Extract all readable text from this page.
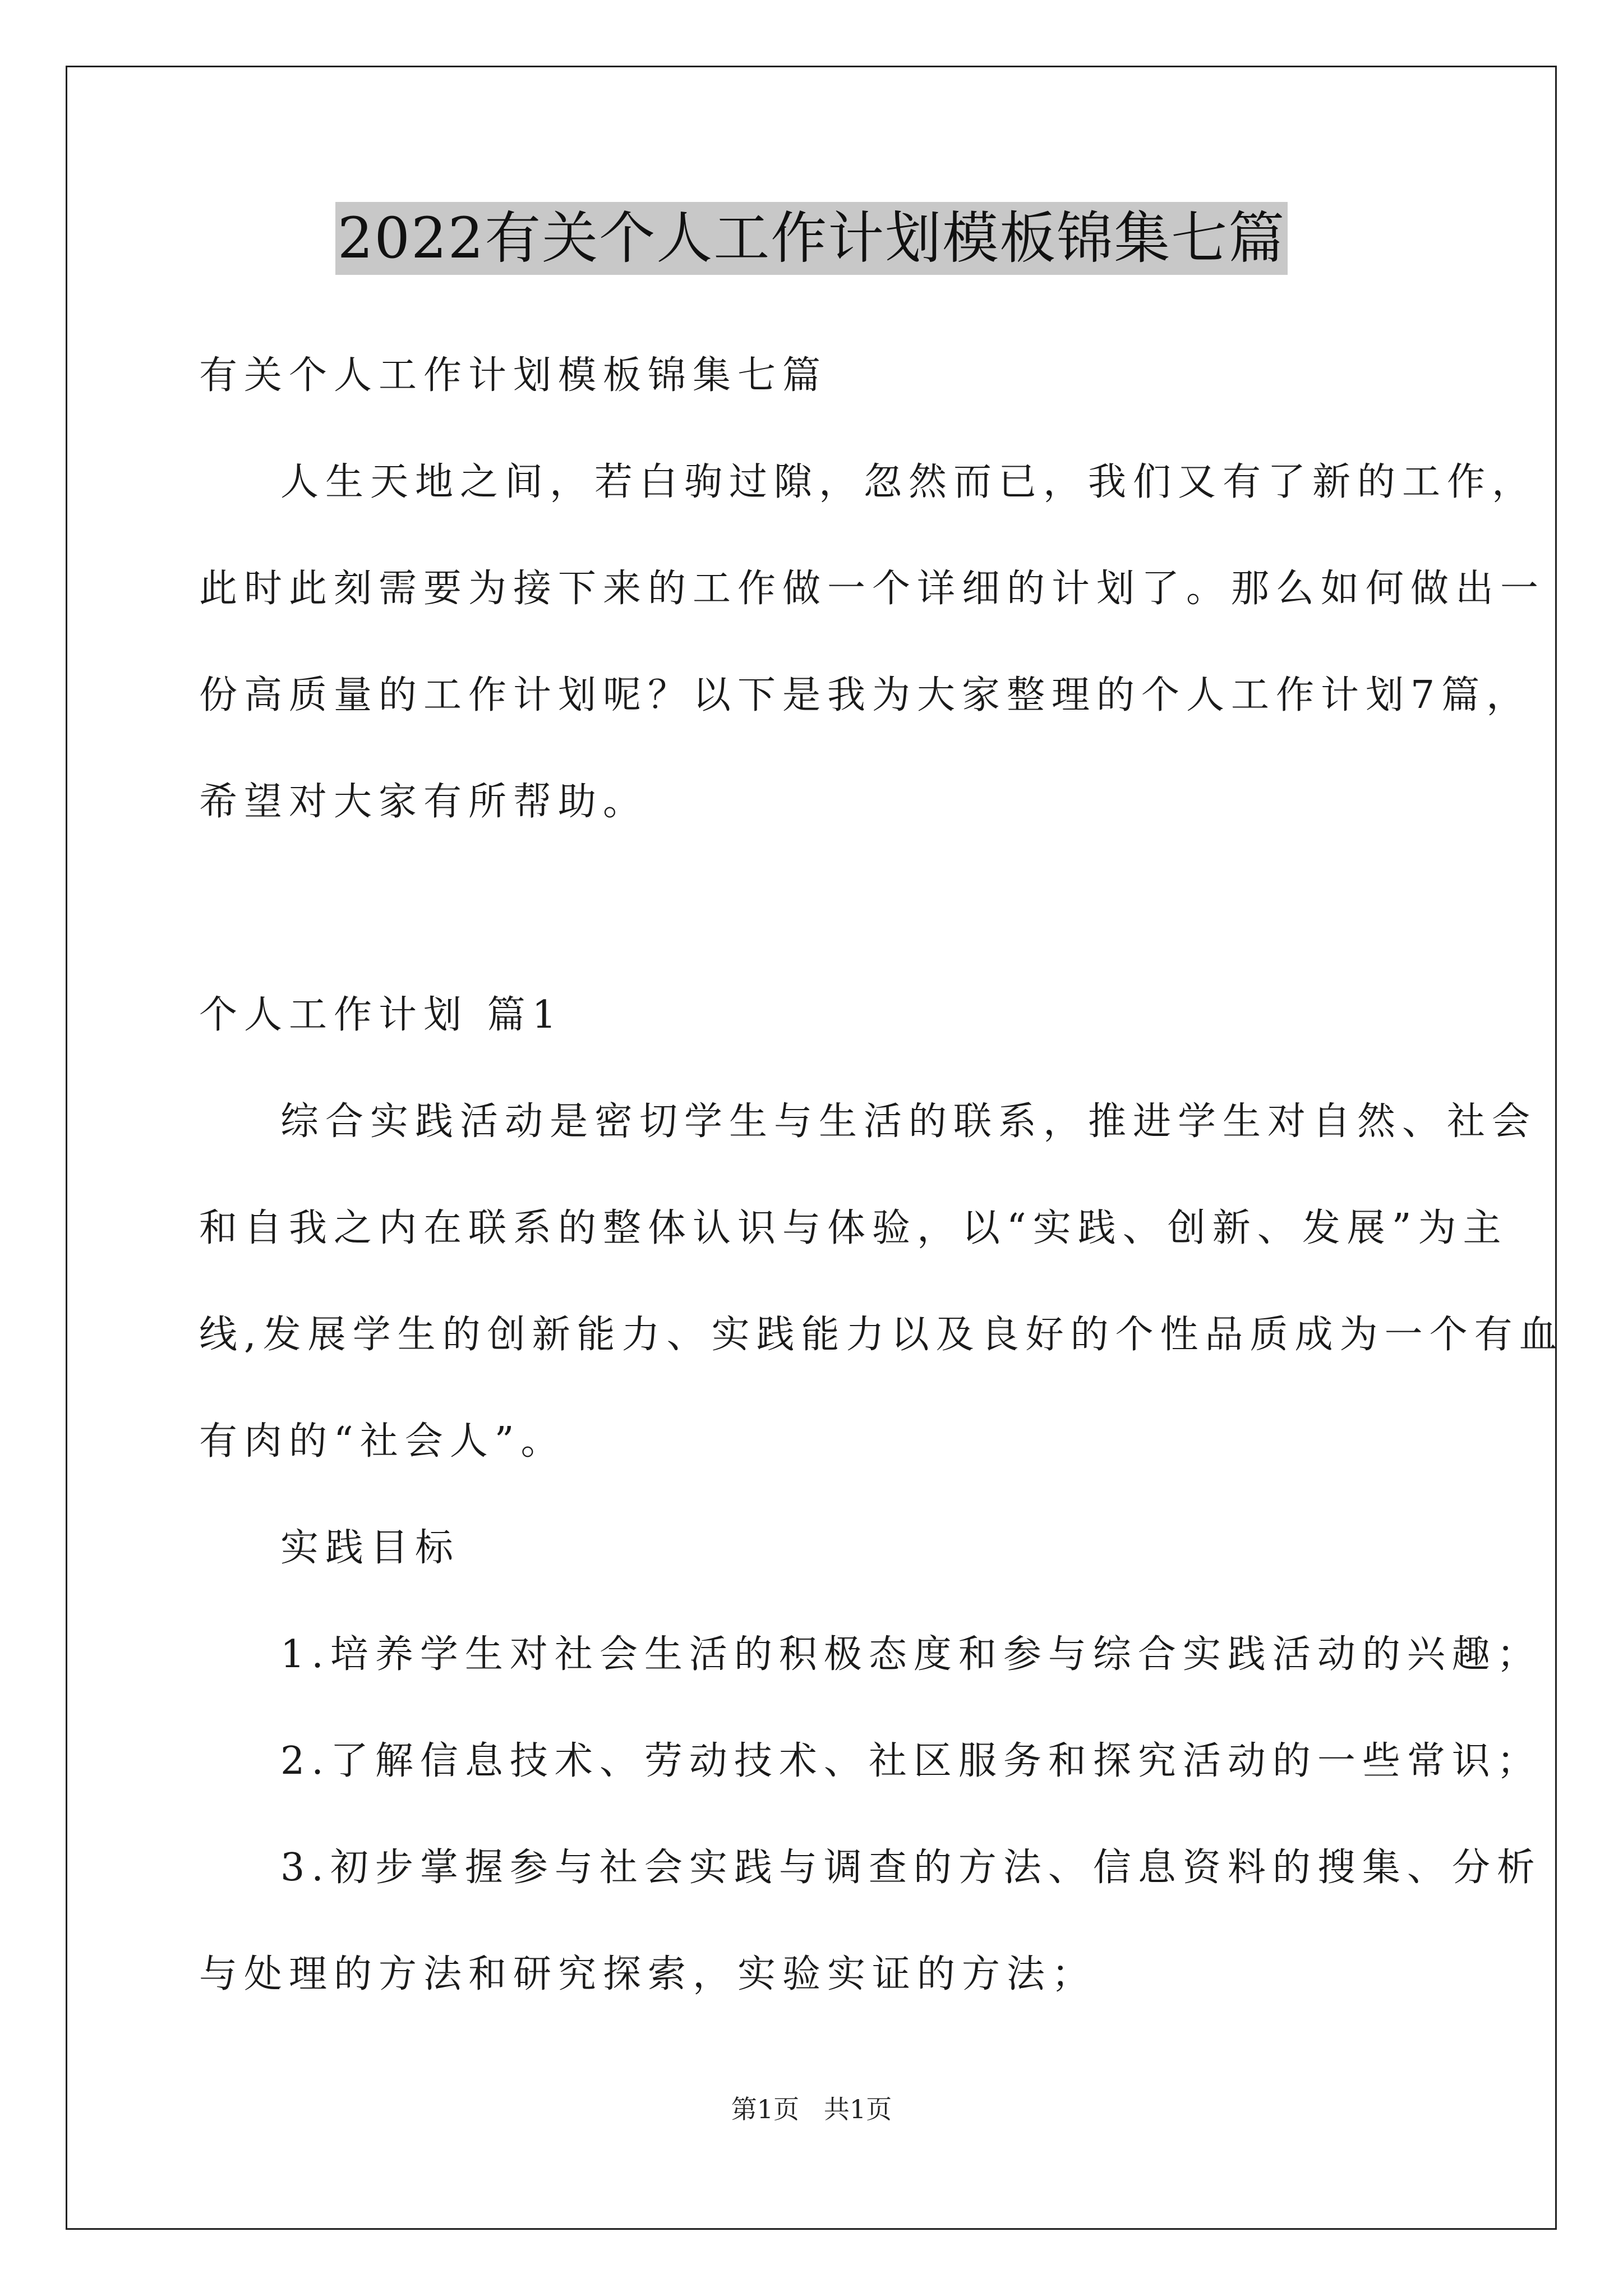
2022有关个人工作计划模板锦集七篇
有关个人工作计划模板锦集七篇
人生天地之间，若白驹过隙，忽然而已，我们又有了新的工作，
此时此刻需要为接下来的工作做一个详细的计划了。那么如何做出一
份高质量的工作计划呢？以下是我为大家整理的个人工作计划7篇，
希望对大家有所帮助。
个人工作计划 篇1
综合实践活动是密切学生与生活的联系，推进学生对自然、社会
和自我之内在联系的整体认识与体验，以“实践、创新、发展”为主
线,发展学生的创新能力、实践能力以及良好的个性品质成为一个有血
有肉的“社会人”。
实践目标
1.培养学生对社会生活的积极态度和参与综合实践活动的兴趣；
2.了解信息技术、劳动技术、社区服务和探究活动的一些常识；
3.初步掌握参与社会实践与调查的方法、信息资料的搜集、分析
与处理的方法和研究探索，实验实证的方法；
第1页   共1页
